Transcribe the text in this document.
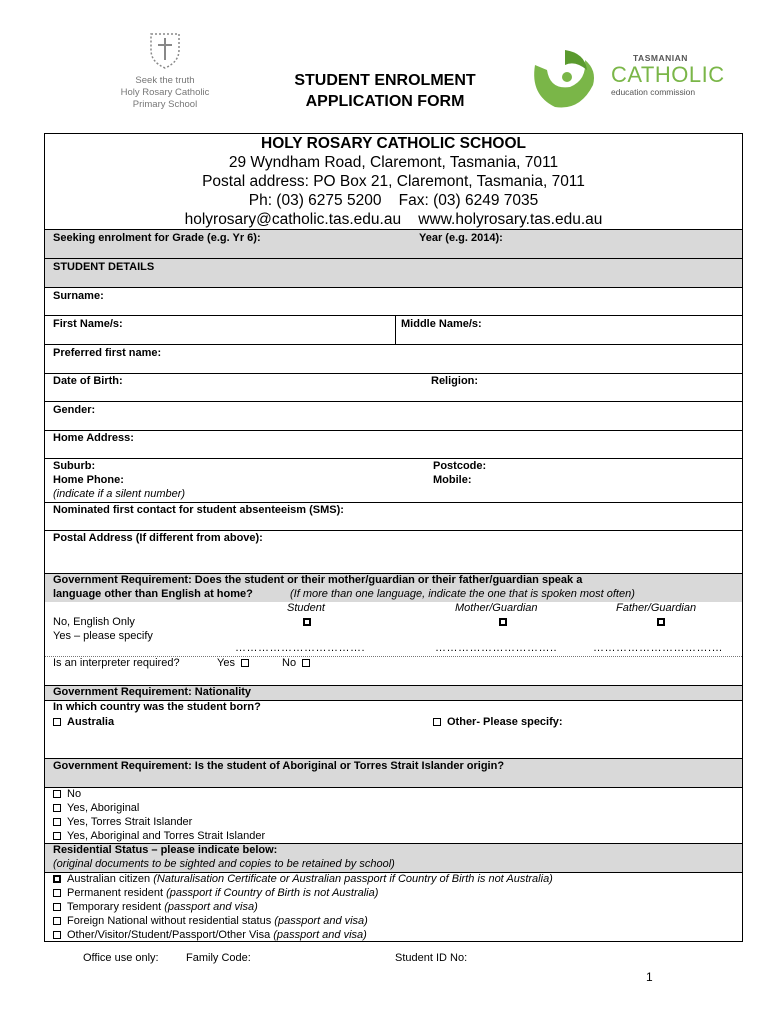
Seek the truth
Holy Rosary Catholic
Primary School
STUDENT ENROLMENT
APPLICATION FORM
TASMANIAN
CATHOLIC
education commission
HOLY ROSARY CATHOLIC SCHOOL
29 Wyndham Road, Claremont, Tasmania, 7011
Postal address: PO Box 21, Claremont, Tasmania, 7011
Ph: (03) 6275 5200    Fax: (03) 6249 7035
holyrosary@catholic.tas.edu.au    www.holyrosary.tas.edu.au
Seeking enrolment for Grade (e.g. Yr 6):	Year (e.g. 2014):
STUDENT DETAILS
Surname:
First Name/s:	Middle Name/s:
Preferred first name:
Date of Birth:	Religion:
Gender:
Home Address:
Suburb:	Postcode:
Home Phone:	Mobile:
(indicate if a silent number)
Nominated first contact for student absenteeism (SMS):
Postal Address (If different from above):
Government Requirement: Does the student or their mother/guardian or their father/guardian speak a
language other than English at home?	(If more than one language, indicate the one that is spoken most often)
Student	Mother/Guardian	Father/Guardian
No, English Only
Yes – please specify
…………………………….	…………………………..	………………………….…
Is an interpreter required?	Yes	No
Government Requirement: Nationality
In which country was the student born?
Australia	Other- Please specify:
Government Requirement: Is the student of Aboriginal or Torres Strait Islander origin?
No
Yes, Aboriginal
Yes, Torres Strait Islander
Yes, Aboriginal and Torres Strait Islander
Residential Status – please indicate below:
(original documents to be sighted and copies to be retained by school)
Australian citizen (Naturalisation Certificate or Australian passport if Country of Birth is not Australia)
Permanent resident (passport if Country of Birth is not Australia)
Temporary resident (passport and visa)
Foreign National without residential status (passport and visa)
Other/Visitor/Student/Passport/Other Visa (passport and visa)
Office use only: Family Code:	Student ID No:
1
